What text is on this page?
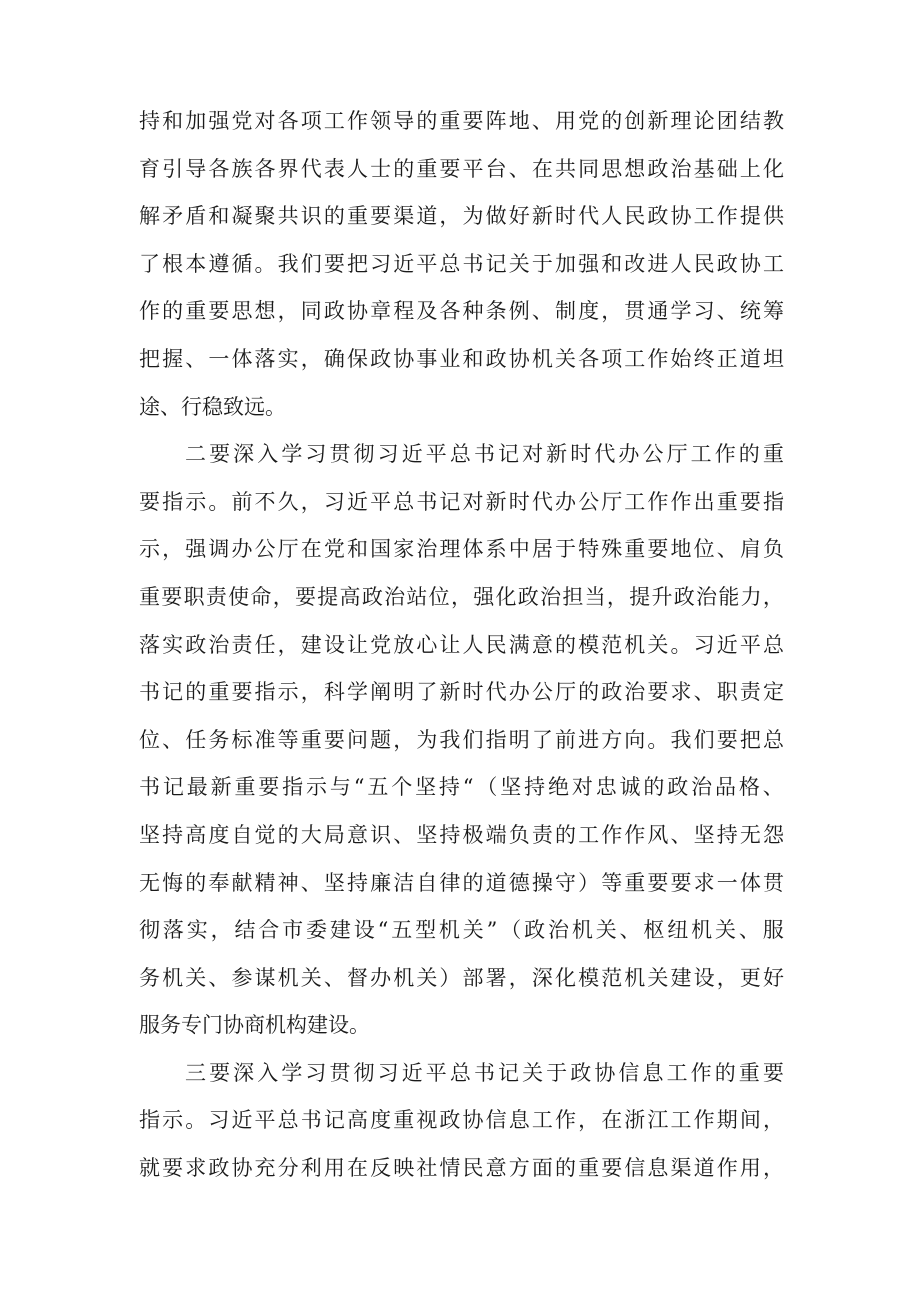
持 和 加 强 党 对 各 项 工 作 领 导 的 重 要 阵 地 、 用 党 的 创 新 理 论 团 结 教
育 引 导 各 族 各 界 代 表 人 士 的 重 要 平 台 、 在 共 同 思 想 政 治 基 础 上 化
解 矛 盾 和 凝 聚 共 识 的 重 要 渠 道 ， 为 做 好 新 时 代 人 民 政 协 工 作 提 供
了 根 本 遵 循 。 我 们 要 把 习 近 平 总 书 记 关 于 加 强 和 改 进 人 民 政 协 工
作 的 重 要 思 想 ， 同 政 协 章 程 及 各 种 条 例 、 制 度 ， 贯 通 学 习 、 统 筹
把 握 、 一 体 落 实 ， 确 保 政 协 事 业 和 政 协 机 关 各 项 工 作 始 终 正 道 坦
途、行稳致远。
二 要 深 入 学 习 贯 彻 习 近 平 总 书 记 对 新 时 代 办 公 厅 工 作 的 重
要 指 示 。 前 不 久 ， 习 近 平 总 书 记 对 新 时 代 办 公 厅 工 作 作 出 重 要 指
示 ， 强 调 办 公 厅 在 党 和 国 家 治 理 体 系 中 居 于 特 殊 重 要 地 位 、 肩 负
重 要 职 责 使 命 ， 要 提 高 政 治 站 位 ， 强 化 政 治 担 当 ， 提 升 政 治 能 力 ，
落 实 政 治 责 任 ， 建 设 让 党 放 心 让 人 民 满 意 的 模 范 机 关 。 习 近 平 总
书 记 的 重 要 指 示 ， 科 学 阐 明 了 新 时 代 办 公 厅 的 政 治 要 求 、 职 责 定
位 、 任 务 标 准 等 重 要 问 题 ， 为 我 们 指 明 了 前 进 方 向 。 我 们 要 把 总
书 记 最 新 重 要 指 示 与 “ 五 个 坚 持 “ （ 坚 持 绝 对 忠 诚 的 政 治 品 格 、
坚 持 高 度 自 觉 的 大 局 意 识 、 坚 持 极 端 负 责 的 工 作 作 风 、 坚 持 无 怨
无 悔 的 奉 献 精 神 、 坚 持 廉 洁 自 律 的 道 德 操 守 ） 等 重 要 要 求 一 体 贯
彻 落 实 ， 结 合 市 委 建 设 “ 五 型 机 关 ” （ 政 治 机 关 、 枢 纽 机 关 、 服
务 机 关 、 参 谋 机 关 、 督 办 机 关 ） 部 署 ， 深 化 模 范 机 关 建 设 ， 更 好
服务专门协商机构建设。
三 要 深 入 学 习 贯 彻 习 近 平 总 书 记 关 于 政 协 信 息 工 作 的 重 要
指 示 。 习 近 平 总 书 记 高 度 重 视 政 协 信 息 工 作 ， 在 浙 江 工 作 期 间 ，
就 要 求 政 协 充 分 利 用 在 反 映 社 情 民 意 方 面 的 重 要 信 息 渠 道 作 用 ，
